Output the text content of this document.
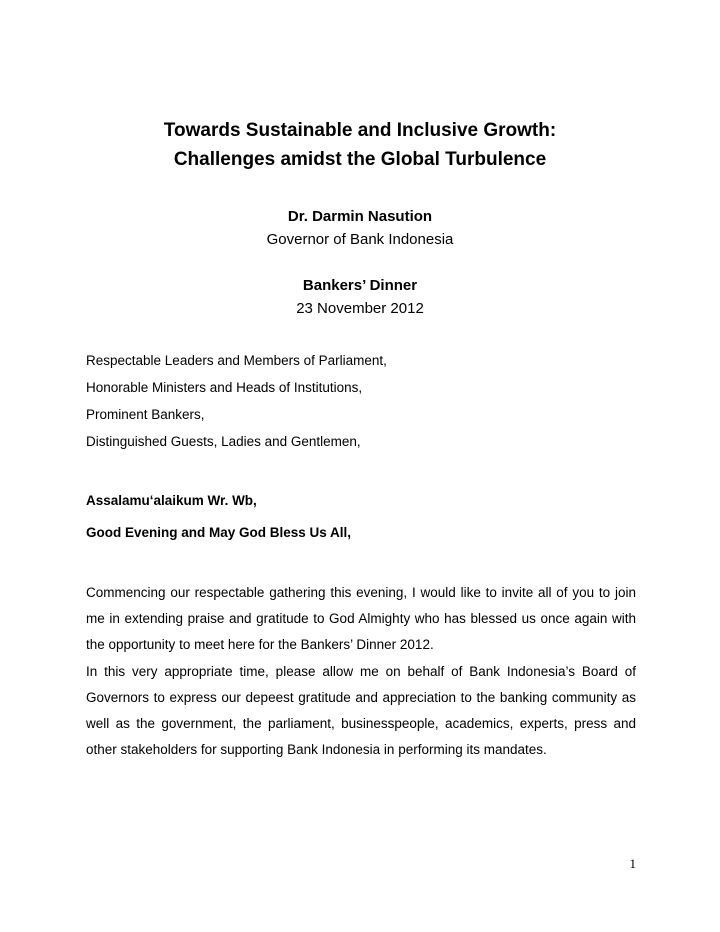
Towards Sustainable and Inclusive Growth:
Challenges amidst the Global Turbulence
Dr. Darmin Nasution
Governor of Bank Indonesia
Bankers’ Dinner
23 November 2012
Respectable Leaders and Members of Parliament,
Honorable Ministers and Heads of Institutions,
Prominent Bankers,
Distinguished Guests, Ladies and Gentlemen,
Assalamu‘alaikum Wr. Wb,
Good Evening and May God Bless Us All,

Commencing our respectable gathering this evening, I would like to invite all of you to join me in extending praise and gratitude to God Almighty who has blessed us once again with the opportunity to meet here for the Bankers’ Dinner 2012.

In this very appropriate time, please allow me on behalf of Bank Indonesia’s Board of Governors to express our depeest gratitude and appreciation to the banking community as well as the government, the parliament, businesspeople, academics, experts, press and other stakeholders for supporting Bank Indonesia in performing its mandates.

1
